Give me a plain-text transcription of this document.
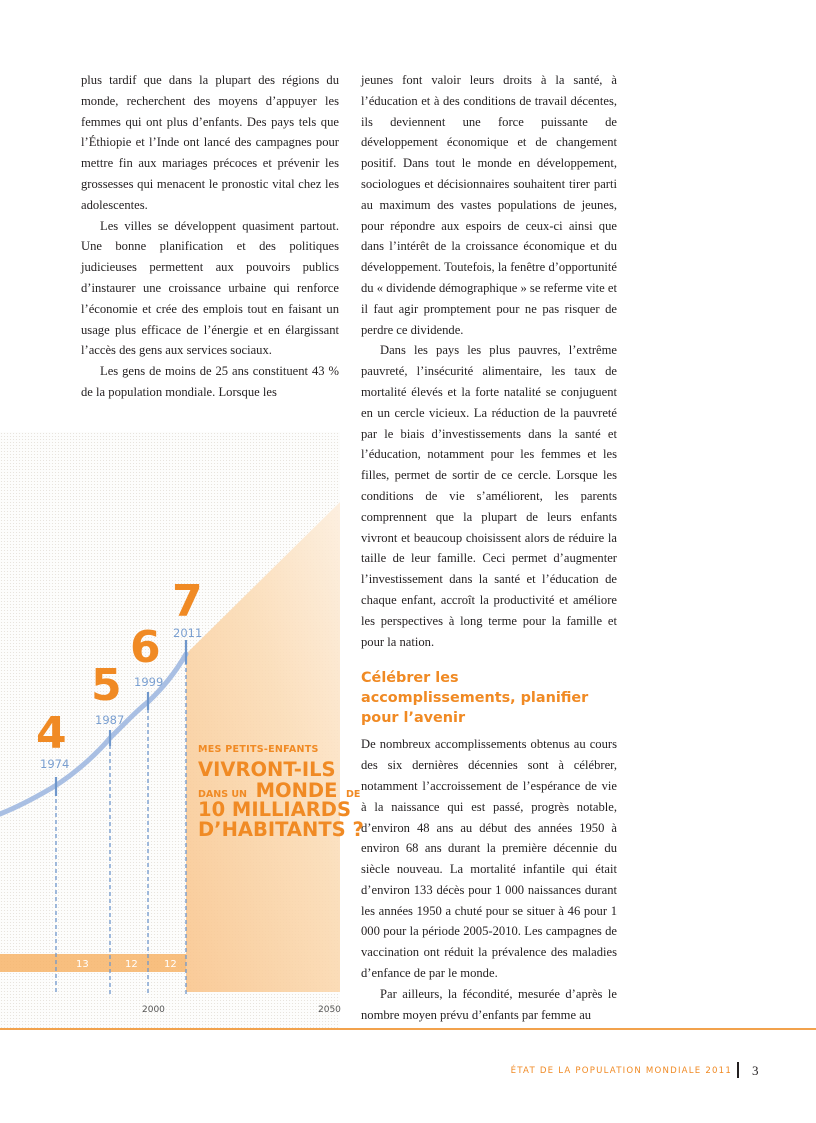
plus tardif que dans la plupart des régions du monde, recherchent des moyens d’appuyer les femmes qui ont plus d’enfants. Des pays tels que l’Éthiopie et l’Inde ont lancé des campagnes pour mettre fin aux mariages précoces et prévenir les grossesses qui menacent le pronostic vital chez les adolescentes.

Les villes se développent quasiment partout. Une bonne planification et des politiques judicieuses permettent aux pouvoirs publics d’instaurer une croissance urbaine qui renforce l’économie et crée des emplois tout en faisant un usage plus efficace de l’énergie et en élargissant l’accès des gens aux services sociaux.

Les gens de moins de 25 ans constituent 43 % de la population mondiale. Lorsque les

jeunes font valoir leurs droits à la santé, à l’éducation et à des conditions de travail décentes, ils deviennent une force puissante de développement économique et de changement positif. Dans tout le monde en développement, sociologues et décisionnaires souhaitent tirer parti au maximum des vastes populations de jeunes, pour répondre aux espoirs de ceux-ci ainsi que dans l’intérêt de la croissance économique et du développement. Toutefois, la fenêtre d’opportunité du « dividende démographique » se referme vite et il faut agir promptement pour ne pas risquer de perdre ce dividende.

Dans les pays les plus pauvres, l’extrême pauvreté, l’insécurité alimentaire, les taux de mortalité élevés et la forte natalité se conjuguent en un cercle vicieux. La réduction de la pauvreté par le biais d’investissements dans la santé et l’éducation, notamment pour les femmes et les filles, permet de sortir de ce cercle. Lorsque les conditions de vie s’améliorent, les parents comprennent que la plupart de leurs enfants vivront et beaucoup choisissent alors de réduire la taille de leur famille. Ceci permet d’augmenter l’investissement dans la santé et l’éducation de chaque enfant, accroît la productivité et améliore les perspectives à long terme pour la famille et pour la nation.

Célébrer les accomplissements, planifier pour l’avenir

De nombreux accomplissements obtenus au cours des six dernières décennies sont à célébrer, notamment l’accroissement de l’espérance de vie à la naissance qui est passé, progrès notable, d’environ 48 ans au début des années 1950 à environ 68 ans durant la première décennie du siècle nouveau. La mortalité infantile qui était d’environ 133 décès pour 1 000 naissances durant les années 1950 a chuté pour se situer à 46 pour 1 000 pour la période 2005-2010. Les campagnes de vaccination ont réduit la prévalence des maladies d’enfance de par le monde.

Par ailleurs, la fécondité, mesurée d’après le nombre moyen prévu d’enfants par femme au

4
5
6
7
1974
1987
1999
2011
13	12	12
2000	2050
MES PETITS-ENFANTS
VIVRONT-ILS
DANS UN MONDE DE
10 MILLIARDS
D’HABITANTS ?
ÉTAT DE LA POPULATION MONDIALE 2011 3
